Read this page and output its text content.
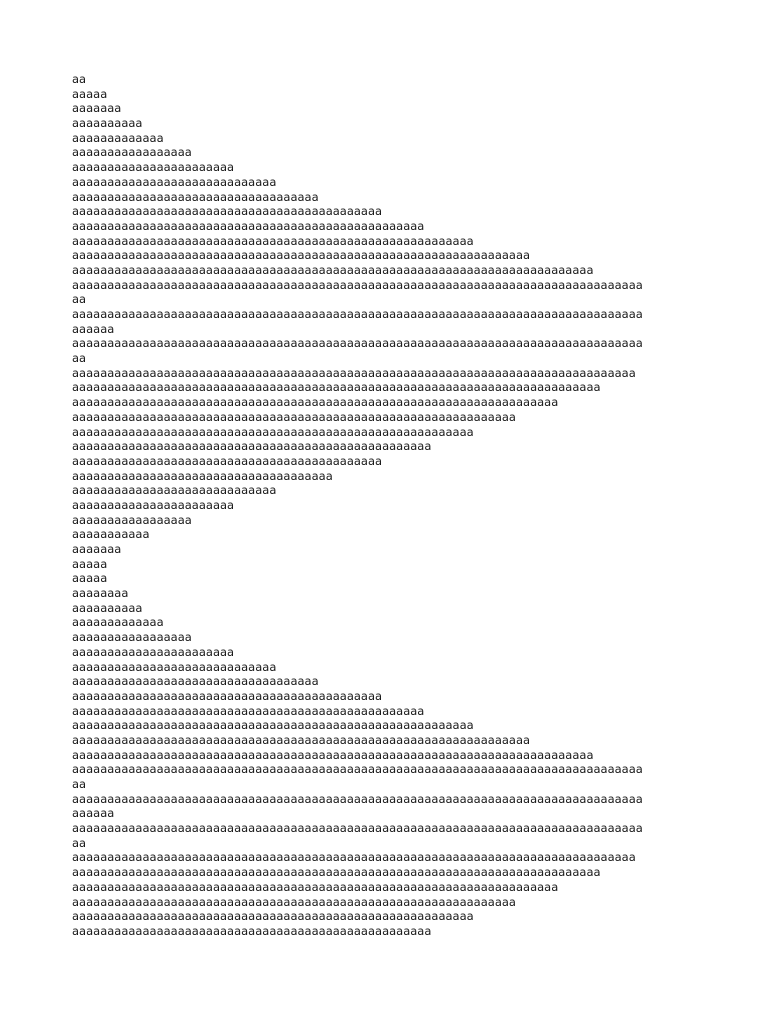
aa
aaaaa
aaaaaaa
aaaaaaaaaa
aaaaaaaaaaaaa
aaaaaaaaaaaaaaaaa
aaaaaaaaaaaaaaaaaaaaaaa
aaaaaaaaaaaaaaaaaaaaaaaaaaaaa
aaaaaaaaaaaaaaaaaaaaaaaaaaaaaaaaaaa
aaaaaaaaaaaaaaaaaaaaaaaaaaaaaaaaaaaaaaaaaaaa
aaaaaaaaaaaaaaaaaaaaaaaaaaaaaaaaaaaaaaaaaaaaaaaaaa
aaaaaaaaaaaaaaaaaaaaaaaaaaaaaaaaaaaaaaaaaaaaaaaaaaaaaaaaa
aaaaaaaaaaaaaaaaaaaaaaaaaaaaaaaaaaaaaaaaaaaaaaaaaaaaaaaaaaaaaaaaa
aaaaaaaaaaaaaaaaaaaaaaaaaaaaaaaaaaaaaaaaaaaaaaaaaaaaaaaaaaaaaaaaaaaaaaaaaa
aaaaaaaaaaaaaaaaaaaaaaaaaaaaaaaaaaaaaaaaaaaaaaaaaaaaaaaaaaaaaaaaaaaaaaaaaaaaaaaaa
aa
aaaaaaaaaaaaaaaaaaaaaaaaaaaaaaaaaaaaaaaaaaaaaaaaaaaaaaaaaaaaaaaaaaaaaaaaaaaaaaaaa
aaaaaa
aaaaaaaaaaaaaaaaaaaaaaaaaaaaaaaaaaaaaaaaaaaaaaaaaaaaaaaaaaaaaaaaaaaaaaaaaaaaaaaaa
aa
aaaaaaaaaaaaaaaaaaaaaaaaaaaaaaaaaaaaaaaaaaaaaaaaaaaaaaaaaaaaaaaaaaaaaaaaaaaaaaaa
aaaaaaaaaaaaaaaaaaaaaaaaaaaaaaaaaaaaaaaaaaaaaaaaaaaaaaaaaaaaaaaaaaaaaaaaaaa
aaaaaaaaaaaaaaaaaaaaaaaaaaaaaaaaaaaaaaaaaaaaaaaaaaaaaaaaaaaaaaaaaaaaa
aaaaaaaaaaaaaaaaaaaaaaaaaaaaaaaaaaaaaaaaaaaaaaaaaaaaaaaaaaaaaaa
aaaaaaaaaaaaaaaaaaaaaaaaaaaaaaaaaaaaaaaaaaaaaaaaaaaaaaaaa
aaaaaaaaaaaaaaaaaaaaaaaaaaaaaaaaaaaaaaaaaaaaaaaaaaa
aaaaaaaaaaaaaaaaaaaaaaaaaaaaaaaaaaaaaaaaaaaa
aaaaaaaaaaaaaaaaaaaaaaaaaaaaaaaaaaaaa
aaaaaaaaaaaaaaaaaaaaaaaaaaaaa
aaaaaaaaaaaaaaaaaaaaaaa
aaaaaaaaaaaaaaaaa
aaaaaaaaaaa
aaaaaaa
aaaaa
aaaaa
aaaaaaaa
aaaaaaaaaa
aaaaaaaaaaaaa
aaaaaaaaaaaaaaaaa
aaaaaaaaaaaaaaaaaaaaaaa
aaaaaaaaaaaaaaaaaaaaaaaaaaaaa
aaaaaaaaaaaaaaaaaaaaaaaaaaaaaaaaaaa
aaaaaaaaaaaaaaaaaaaaaaaaaaaaaaaaaaaaaaaaaaaa
aaaaaaaaaaaaaaaaaaaaaaaaaaaaaaaaaaaaaaaaaaaaaaaaaa
aaaaaaaaaaaaaaaaaaaaaaaaaaaaaaaaaaaaaaaaaaaaaaaaaaaaaaaaa
aaaaaaaaaaaaaaaaaaaaaaaaaaaaaaaaaaaaaaaaaaaaaaaaaaaaaaaaaaaaaaaaa
aaaaaaaaaaaaaaaaaaaaaaaaaaaaaaaaaaaaaaaaaaaaaaaaaaaaaaaaaaaaaaaaaaaaaaaaaa
aaaaaaaaaaaaaaaaaaaaaaaaaaaaaaaaaaaaaaaaaaaaaaaaaaaaaaaaaaaaaaaaaaaaaaaaaaaaaaaaa
aa
aaaaaaaaaaaaaaaaaaaaaaaaaaaaaaaaaaaaaaaaaaaaaaaaaaaaaaaaaaaaaaaaaaaaaaaaaaaaaaaaa
aaaaaa
aaaaaaaaaaaaaaaaaaaaaaaaaaaaaaaaaaaaaaaaaaaaaaaaaaaaaaaaaaaaaaaaaaaaaaaaaaaaaaaaa
aa
aaaaaaaaaaaaaaaaaaaaaaaaaaaaaaaaaaaaaaaaaaaaaaaaaaaaaaaaaaaaaaaaaaaaaaaaaaaaaaaa
aaaaaaaaaaaaaaaaaaaaaaaaaaaaaaaaaaaaaaaaaaaaaaaaaaaaaaaaaaaaaaaaaaaaaaaaaaa
aaaaaaaaaaaaaaaaaaaaaaaaaaaaaaaaaaaaaaaaaaaaaaaaaaaaaaaaaaaaaaaaaaaaa
aaaaaaaaaaaaaaaaaaaaaaaaaaaaaaaaaaaaaaaaaaaaaaaaaaaaaaaaaaaaaaa
aaaaaaaaaaaaaaaaaaaaaaaaaaaaaaaaaaaaaaaaaaaaaaaaaaaaaaaaa
aaaaaaaaaaaaaaaaaaaaaaaaaaaaaaaaaaaaaaaaaaaaaaaaaaa
